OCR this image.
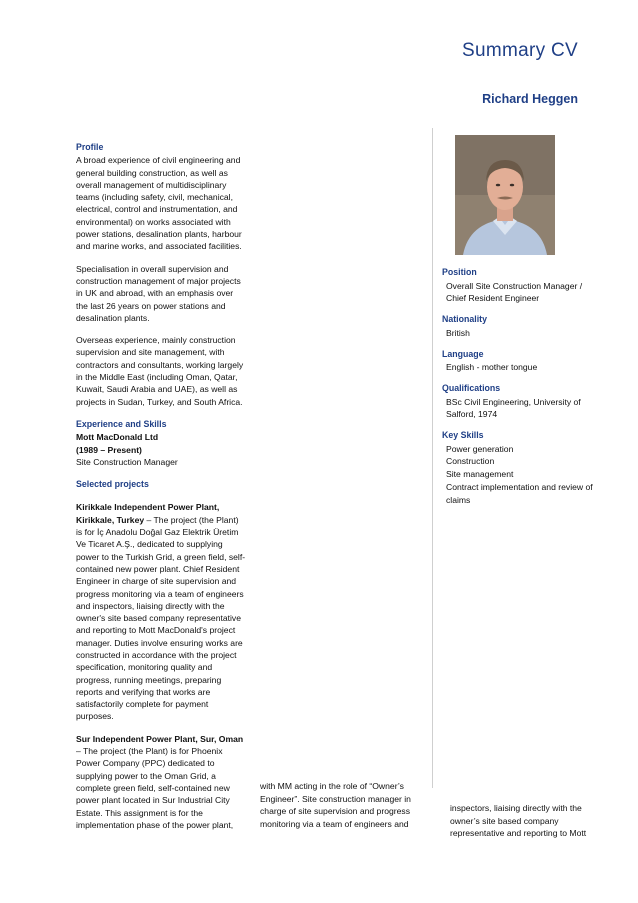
Summary CV
Richard Heggen
Profile

A broad experience of civil engineering and general building construction, as well as overall management of multidisciplinary teams (including safety, civil, mechanical, electrical, control and instrumentation, and environmental) on works associated with power stations, desalination plants, harbour and marine works, and associated facilities.

Specialisation in overall supervision and construction management of major projects in UK and abroad, with an emphasis over the last 26 years on power stations and desalination plants.

Overseas experience, mainly construction supervision and site management, with contractors and consultants, working largely in the Middle East (including Oman, Qatar, Kuwait, Saudi Arabia and UAE), as well as projects in Sudan, Turkey, and South Africa.

Experience and Skills

Mott MacDonald Ltd

(1989 – Present)

Site Construction Manager

Selected projects

Kirikkale Independent Power Plant, Kirikkale, Turkey – The project (the Plant) is for İç Anadolu Doğal Gaz Elektrik Üretim Ve Ticaret A.Ş., dedicated to supplying power to the Turkish Grid, a green field, self-contained new power plant. Chief Resident Engineer in charge of site supervision and progress monitoring via a team of engineers and inspectors, liaising directly with the owner's site based company representative and reporting to Mott MacDonald's project manager. Duties involve ensuring works are constructed in accordance with the project specification, monitoring quality and progress, running meetings, preparing reports and verifying that works are satisfactorily complete for payment purposes.

Sur Independent Power Plant, Sur, Oman – The project (the Plant) is for Phoenix Power Company (PPC) dedicated to supplying power to the Oman Grid, a complete green field, self-contained new power plant located in Sur Industrial City Estate. This assignment is for the implementation phase of the power plant,

Position

Overall Site Construction Manager / Chief Resident Engineer

Nationality

British

Language

English - mother tongue

Qualifications

BSc Civil Engineering, University of Salford, 1974

Key Skills

Power generation

Construction

Site management

Contract implementation and review of claims

with MM acting in the role of “Owner’s Engineer”. Site construction manager in charge of site supervision and progress monitoring via a team of engineers and
inspectors, liaising directly with the owner’s site based company representative and reporting to Mott
